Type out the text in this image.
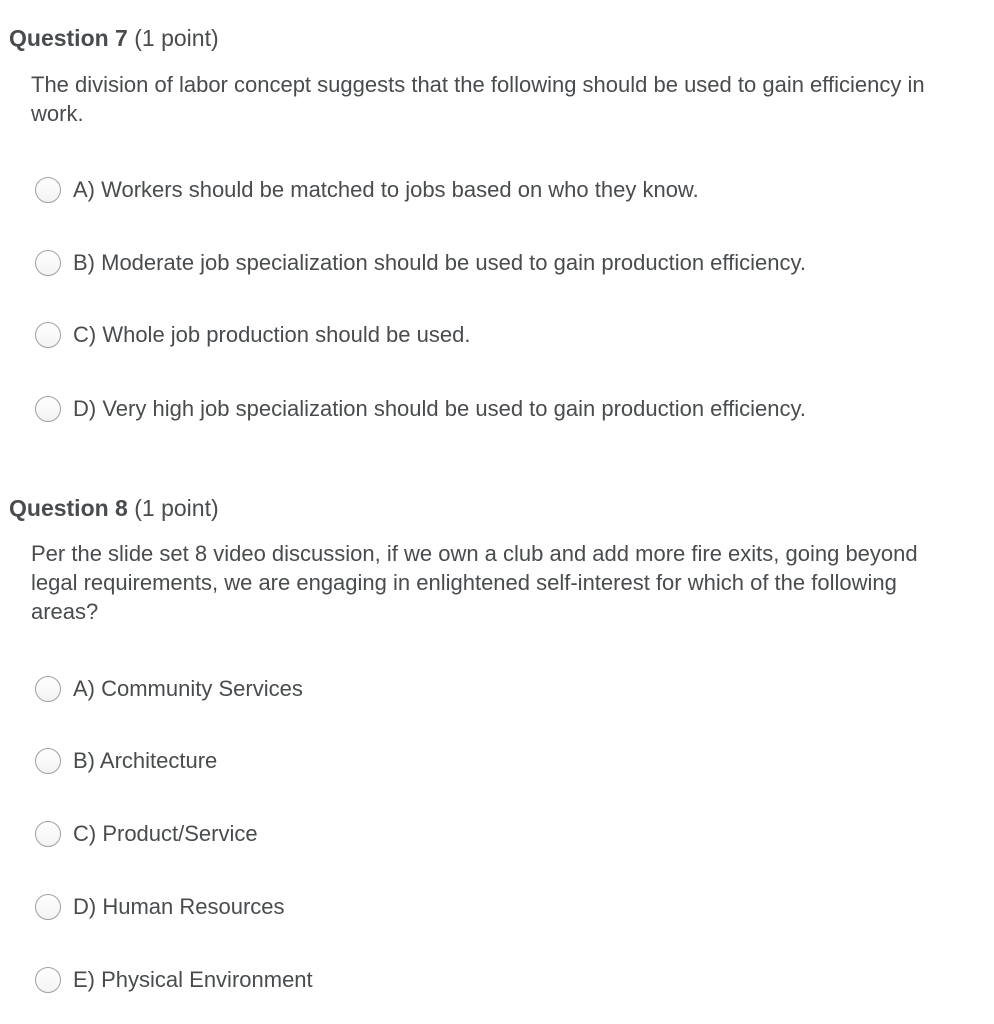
Question 7 (1 point)
The division of labor concept suggests that the following should be used to gain efficiency in work.
A) Workers should be matched to jobs based on who they know.
B) Moderate job specialization should be used to gain production efficiency.
C) Whole job production should be used.
D) Very high job specialization should be used to gain production efficiency.
Question 8 (1 point)
Per the slide set 8 video discussion, if we own a club and add more fire exits, going beyond legal requirements, we are engaging in enlightened self-interest for which of the following areas?
A) Community Services
B) Architecture
C) Product/Service
D) Human Resources
E) Physical Environment
